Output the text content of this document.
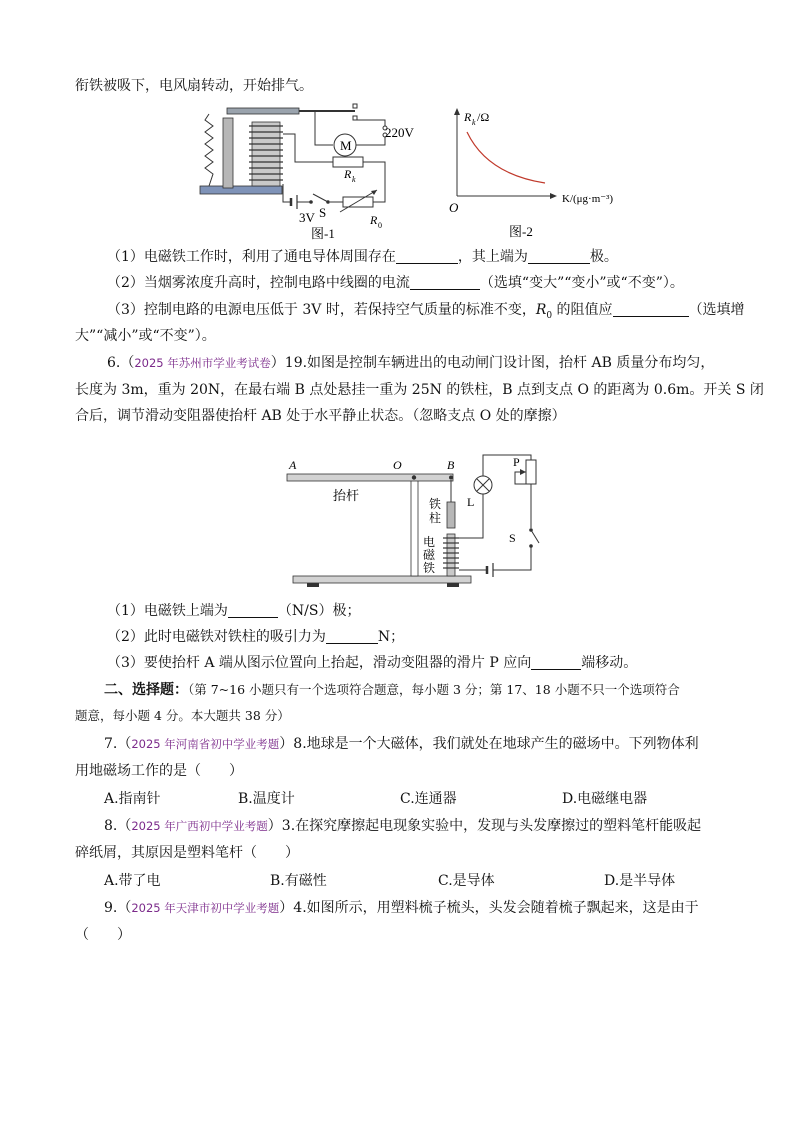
衔铁被吸下，电风扇转动，开始排气。
M
220V
R k
R 0
S
3V
图-1
R k /Ω
K/(μg·m⁻³)
O
图-2
（1）电磁铁工作时，利用了通电导体周围存在	，其上端为	极。
（2）当烟雾浓度升高时，控制电路中线圈的电流	（选填“变大”“变小”或“不变”）。
（3）控制电路的电源电压低于 3V 时，若保持空气质量的标准不变，$R_0$ 的阻值应	（选填增
大”“减小”或“不变”）。
6.（2025 年苏州市学业考试卷）19.如图是控制车辆进出的电动闸门设计图，抬杆 AB 质量分布均匀，
长度为 3m，重为 20N，在最右端 B 点处悬挂一重为 25N 的铁柱，B 点到支点 O 的距离为 0.6m。开关 S 闭
合后，调节滑动变阻器使抬杆 AB 处于水平静止状态。（忽略支点 O 处的摩擦）
A	O	B
抬杆
铁
柱
电
磁
铁
L
P
S
（1）电磁铁上端为	（N/S）极；
（2）此时电磁铁对铁柱的吸引力为	N；
（3）要使抬杆 A 端从图示位置向上抬起，滑动变阻器的滑片 P 应向	端移动。
二、选择题：（第 7~16 小题只有一个选项符合题意，每小题 3 分；第 17、18 小题不只一个选项符合
题意，每小题 4 分。本大题共 38 分）
7.（2025 年河南省初中学业考题）8.地球是一个大磁体，我们就处在地球产生的磁场中。下列物体利
用地磁场工作的是（　　）
A.指南针	B.温度计	C.连通器	D.电磁继电器
8.（2025 年广西初中学业考题）3.在探究摩擦起电现象实验中，发现与头发摩擦过的塑料笔杆能吸起
碎纸屑，其原因是塑料笔杆（　　）
A.带了电	B.有磁性	C.是导体	D.是半导体
9.（2025 年天津市初中学业考题）4.如图所示，用塑料梳子梳头，头发会随着梳子飘起来，这是由于
（　　）
